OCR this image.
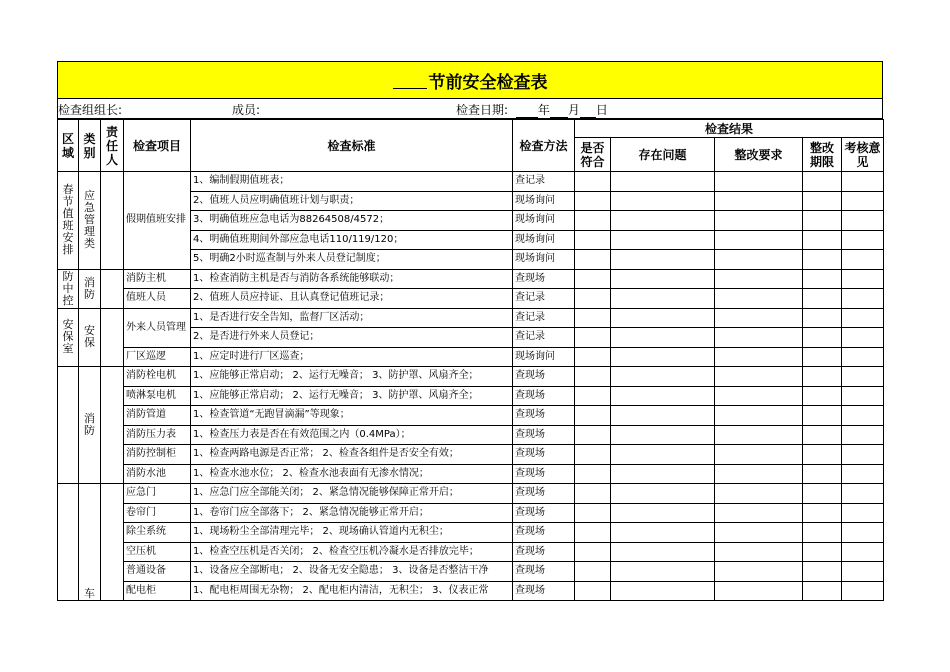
节前安全检查表
检查组组长:	成员:	检查日期: 年 月 日
区域	类别	责任人	检查项目	检查标准	检查方法	检查结果				
						是否符合	存在问题	整改要求	整改期限	考核意见
春节值班安排	应急管理类		假期值班安排	1、编制假期值班表；	查记录					
				2、值班人员应明确值班计划与职责；	现场询问					
				3、明确值班应急电话为88264508/4572；	现场询问					
				4、明确值班期间外部应急电话110/119/120；	现场询问					
				5、明确2小时巡查制与外来人员登记制度；	现场询问					
防中控	消防		消防主机	1、检查消防主机是否与消防各系统能够联动；	查现场					
			值班人员	2、值班人员应持证、且认真登记值班记录；	查记录					
安保室	安保		外来人员管理	1、是否进行安全告知，监督厂区活动；	查记录					
				2、是否进行外来人员登记；	查记录					
			厂区巡逻	1、应定时进行厂区巡查；	现场询问					
	消防		消防栓电机	1、应能够正常启动； 2、运行无噪音； 3、防护罩、风扇齐全；	查现场					
			喷淋泵电机	1、应能够正常启动； 2、运行无噪音； 3、防护罩、风扇齐全；	查现场					
			消防管道	1、检查管道“无跑冒滴漏”等现象；	查现场					
			消防压力表	1、检查压力表是否在有效范围之内（0.4MPa）；	查现场					
			消防控制柜	1、检查两路电源是否正常； 2、检查各组件是否安全有效；	查现场					
			消防水池	1、检查水池水位； 2、检查水池表面有无渗水情况；	查现场					
	车		应急门	1、应急门应全部能关闭； 2、紧急情况能够保障正常开启；	查现场					
			卷帘门	1、卷帘门应全部落下； 2、紧急情况能够正常开启；	查现场					
			除尘系统	1、现场粉尘全部清理完毕； 2、现场确认管道内无积尘；	查现场					
			空压机	1、检查空压机是否关闭； 2、检查空压机冷凝水是否排放完毕；	查现场					
			普通设备	1、设备应全部断电； 2、设备无安全隐患； 3、设备是否整洁干净	查现场					
			配电柜	1、配电柜周围无杂物； 2、配电柜内清洁，无积尘； 3、仪表正常	查现场					
